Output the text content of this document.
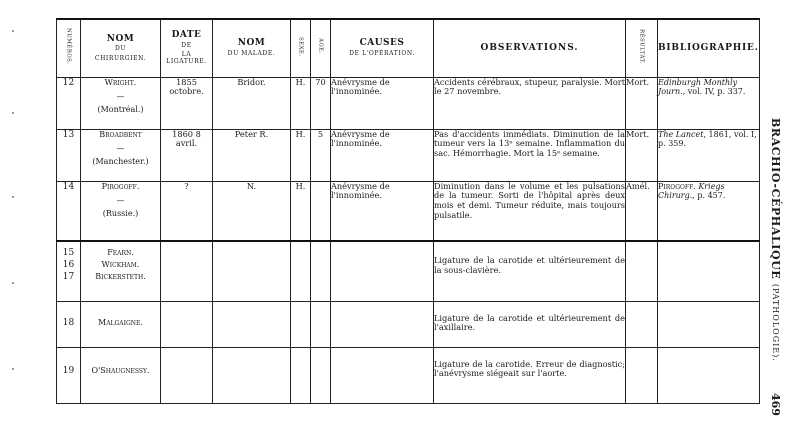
NUMÉROS.	NOM
DU
CHIRURGIEN.	DATE
DE
LA LIGATURE.	NOM
DU MALADE.	SEXE.	AGE.	CAUSES
DE L'OPÉRATION.	OBSERVATIONS.	RÉSULTAT.	BIBLIOGRAPHIE.

12	Wright.
—
(Montréal.)	1855 octobre.	Bridor.	H.	70	Anévrysme de l'innominée.	Accidents cérébraux, stupeur, paralysie. Mort le 27 novembre.	Mort.	Edinburgh Monthly Journ., vol. IV, p. 337.
13	Broadbent
—
(Manchester.)	1860 8 avril.	Peter R.	H.	5	Anévrysme de l'innominée.	Pas d'accidents immédiats. Diminution de la tumeur vers la 13ᵉ semaine. Inflammation du sac. Hémorrhagie. Mort la 15ᵉ semaine.	Mort.	The Lancet, 1861, vol. I, p. 359.
14	Pirogoff.
—
(Russie.)	?	N.	H.		Anévrysme de l'innominée.	Diminution dans le volume et les pulsations de la tumeur. Sorti de l'hôpital après deux mois et demi. Tumeur réduite, mais toujours pulsatile.	Amél.	Pirogoff. Kriegs Chirurg., p. 457.

15
16
17	Fearn.
Wickham.
Bickersteth.						Ligature de la carotide et ultérieurement de la sous-clavière.		
18	Malgaigne.						Ligature de la carotide et ultérieurement de l'axillaire.		
19	O'Shaugnessy.						Ligature de la carotide. Erreur de diagnostic; l'anévrysme siégeait sur l'aorte.		
BRACHIO-CÉPHALIQUE (PATHOLOGIE).
469
